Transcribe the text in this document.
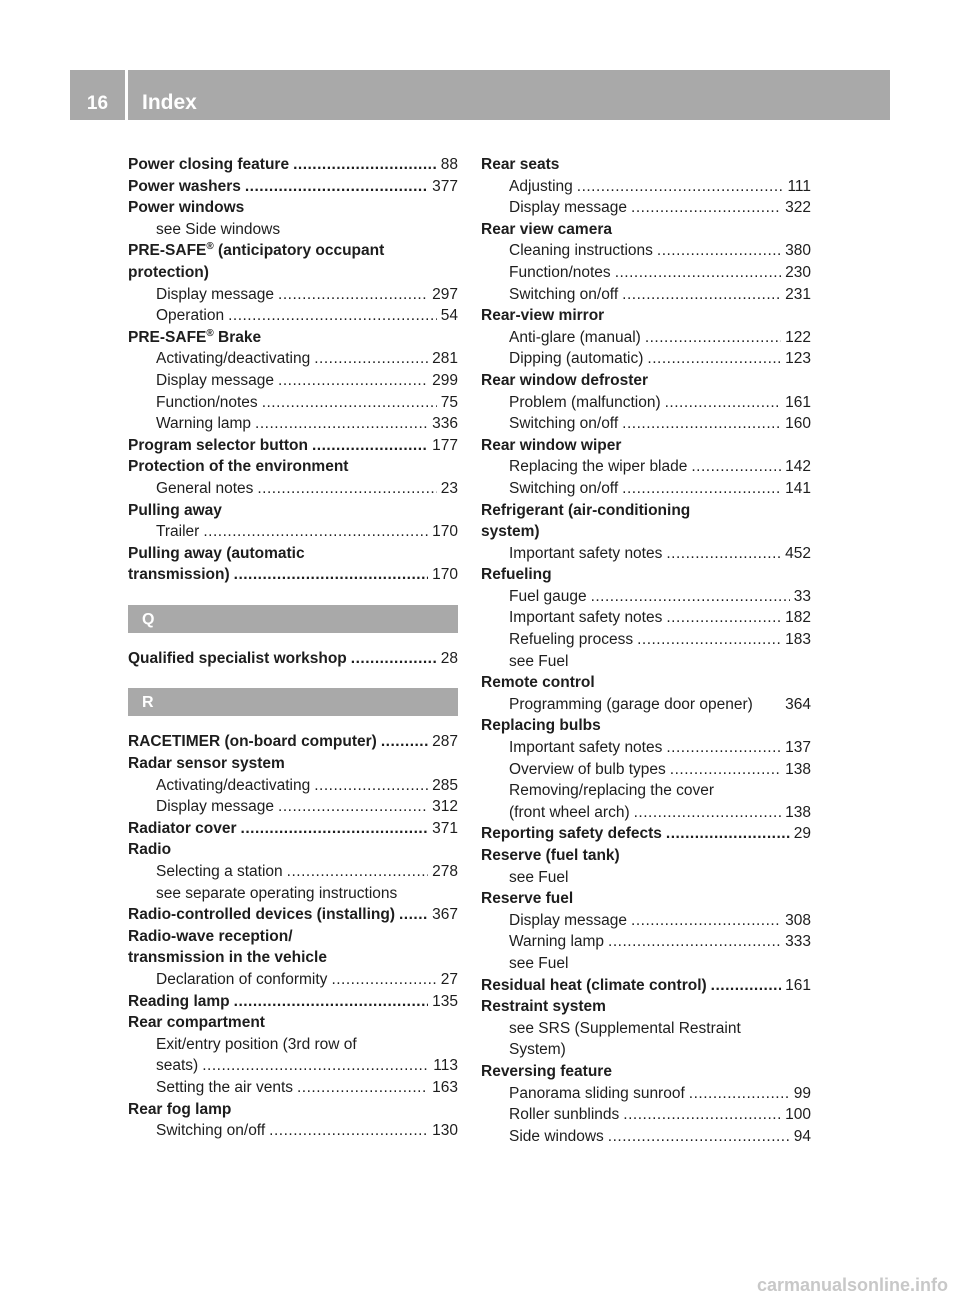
16	Index
Power closing feature .....	88
Power washers .....	377
Power windows
see Side windows
PRE-SAFE® (anticipatory occupant
protection)
Display message .....	297
Operation .....	54
PRE-SAFE® Brake
Activating/deactivating .....	281
Display message .....	299
Function/notes .....	75
Warning lamp .....	336
Program selector button .....	177
Protection of the environment
General notes .....	23
Pulling away
Trailer .....	170
Pulling away (automatic
transmission) .....	170
Q
Qualified specialist workshop .....	28
R
RACETIMER (on-board computer) .....	287
Radar sensor system
Activating/deactivating .....	285
Display message .....	312
Radiator cover .....	371
Radio
Selecting a station .....	278
see separate operating instructions
Radio-controlled devices (installing) ..... 367
Radio-wave reception/
transmission in the vehicle
Declaration of conformity .....	27
Reading lamp .....	135
Rear compartment
Exit/entry position (3rd row of
seats) .....	113
Setting the air vents .....	163
Rear fog lamp
Switching on/off .....	130
Rear seats
Adjusting .....	111
Display message .....	322
Rear view camera
Cleaning instructions .....	380
Function/notes .....	230
Switching on/off .....	231
Rear-view mirror
Anti-glare (manual) .....	122
Dipping (automatic) .....	123
Rear window defroster
Problem (malfunction) .....	161
Switching on/off .....	160
Rear window wiper
Replacing the wiper blade .....	142
Switching on/off .....	141
Refrigerant (air-conditioning
system)
Important safety notes .....	452
Refueling
Fuel gauge .....	33
Important safety notes .....	182
Refueling process .....	183
see Fuel
Remote control
Programming (garage door opener) 364
Replacing bulbs
Important safety notes .....	137
Overview of bulb types .....	138
Removing/replacing the cover
(front wheel arch) .....	138
Reporting safety defects .....	29
Reserve (fuel tank)
see Fuel
Reserve fuel
Display message .....	308
Warning lamp .....	333
see Fuel
Residual heat (climate control) .....	161
Restraint system
see SRS (Supplemental Restraint
System)
Reversing feature
Panorama sliding sunroof .....	99
Roller sunblinds .....	100
Side windows .....	94
carmanualsonline.info
